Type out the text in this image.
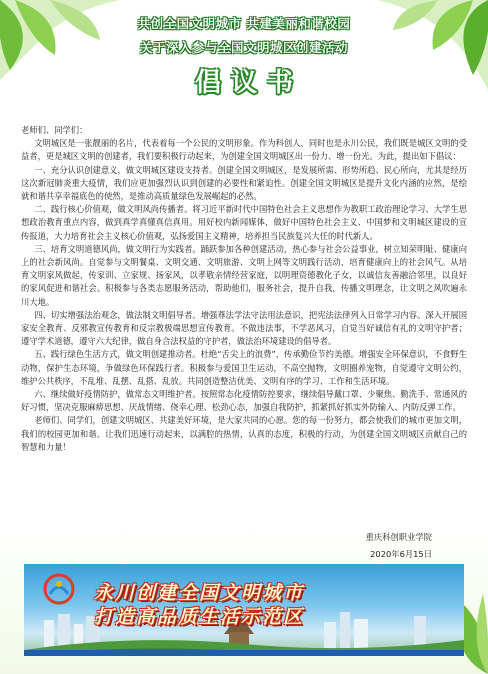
共创全国文明城市 共建美丽和谐校园
关于深入参与全国文明城区创建活动
倡议书

老师们、同学们：

文明城区是一张靓丽的名片，代表着每一个公民的文明形象。作为科创人，同时也是永川公民，我们既是城区文明的受益者，更是城区文明的创建者，我们要积极行动起来，为创建全国文明城区出一份力、增一份光。为此，提出如下倡议：

一、充分认识创建意义，做文明城区建设支持者。创建全国文明城区，是发展所需、形势所趋、民心所向，尤其是经历这次新冠肺炎重大疫情，我们应更加强烈认识到创建的必要性和紧迫性。创建全国文明城区是提升文化内涵的应然，是绘就和谐共享幸福底色的使然，是推动高质量绿色发展崛起的必然。

二、践行核心价值观，做文明风尚传播者。将习近平新时代中国特色社会主义思想作为教职工政治理论学习、大学生思想政治教育重点内容，做到真学真懂真信真用。用好校内新闻媒体，做好中国特色社会主义、中国梦和文明城区建设的宣传报道，大力培育社会主义核心价值观，弘扬爱国主义精神，培养担当民族复兴大任的时代新人。

三、培育文明道德风尚，做文明行为实践者。踊跃参加各种创建活动，热心参与社会公益事业，树立知荣明耻、健康向上的社会新风尚。自觉参与文明餐桌、文明交通、文明旅游、文明上网等文明践行活动，培育健康向上的社会风气。从培育文明家风做起，传家训、立家规、扬家风，以孝敬亲情经营家庭，以明理资德教化子女，以诚信友善融洽邻里，以良好的家风促进和谐社会。积极参与各类志愿服务活动，帮助他们，服务社会，提升自我，传播文明理念，让文明之风吹遍永川大地。

四、切实增强法治观念，做法制文明倡导者。增强尊法学法守法用法意识，把宪法法律列入日常学习内容。深入开展国家安全教育、反邪教宣传教育和反宗教极端思想宣传教育。不做违法事，不学恶风习，自觉当好诚信有礼的文明守护者；遵守学术道德，遵守六大纪律，做自身合法权益的守护者，做法治环境建设的倡导者。

五、践行绿色生活方式，做文明创建推动者。杜绝“舌尖上的浪费”，传承勤俭节约美德。增强安全环保意识，不食野生动物，保护生态环境，争做绿色环保践行者。积极参与爱国卫生运动，不高空抛物，文明圈养宠物，自觉遵守文明公约，维护公共秩序，不乱堆、乱摆、乱搭、乱放。共同创造整洁优美、文明有序的学习、工作和生活环境。

六、继续做好疫情防护，做常态文明维护者。按照常态化疫情防控要求，继续倡导戴口罩、少聚焦、勤洗手、常通风的好习惯，坚决克服麻痹思想、厌战情绪、侥幸心理、松劲心态，加强自我防护，抓紧抓好抓实外防输入、内防反弹工作。

老师们、同学们，创建文明城区、共建美好环境，是大家共同的心愿。您的每一份努力，都会使我们的城市更加文明，我们的校园更加和谐。让我们迅速行动起来，以满腔的热情，认真的态度，积极的行动，为创建全国文明城区贡献自己的智慧和力量！

重庆科创职业学院
2020年6月15日
永川创建全国文明城市
打造高品质生活示范区
